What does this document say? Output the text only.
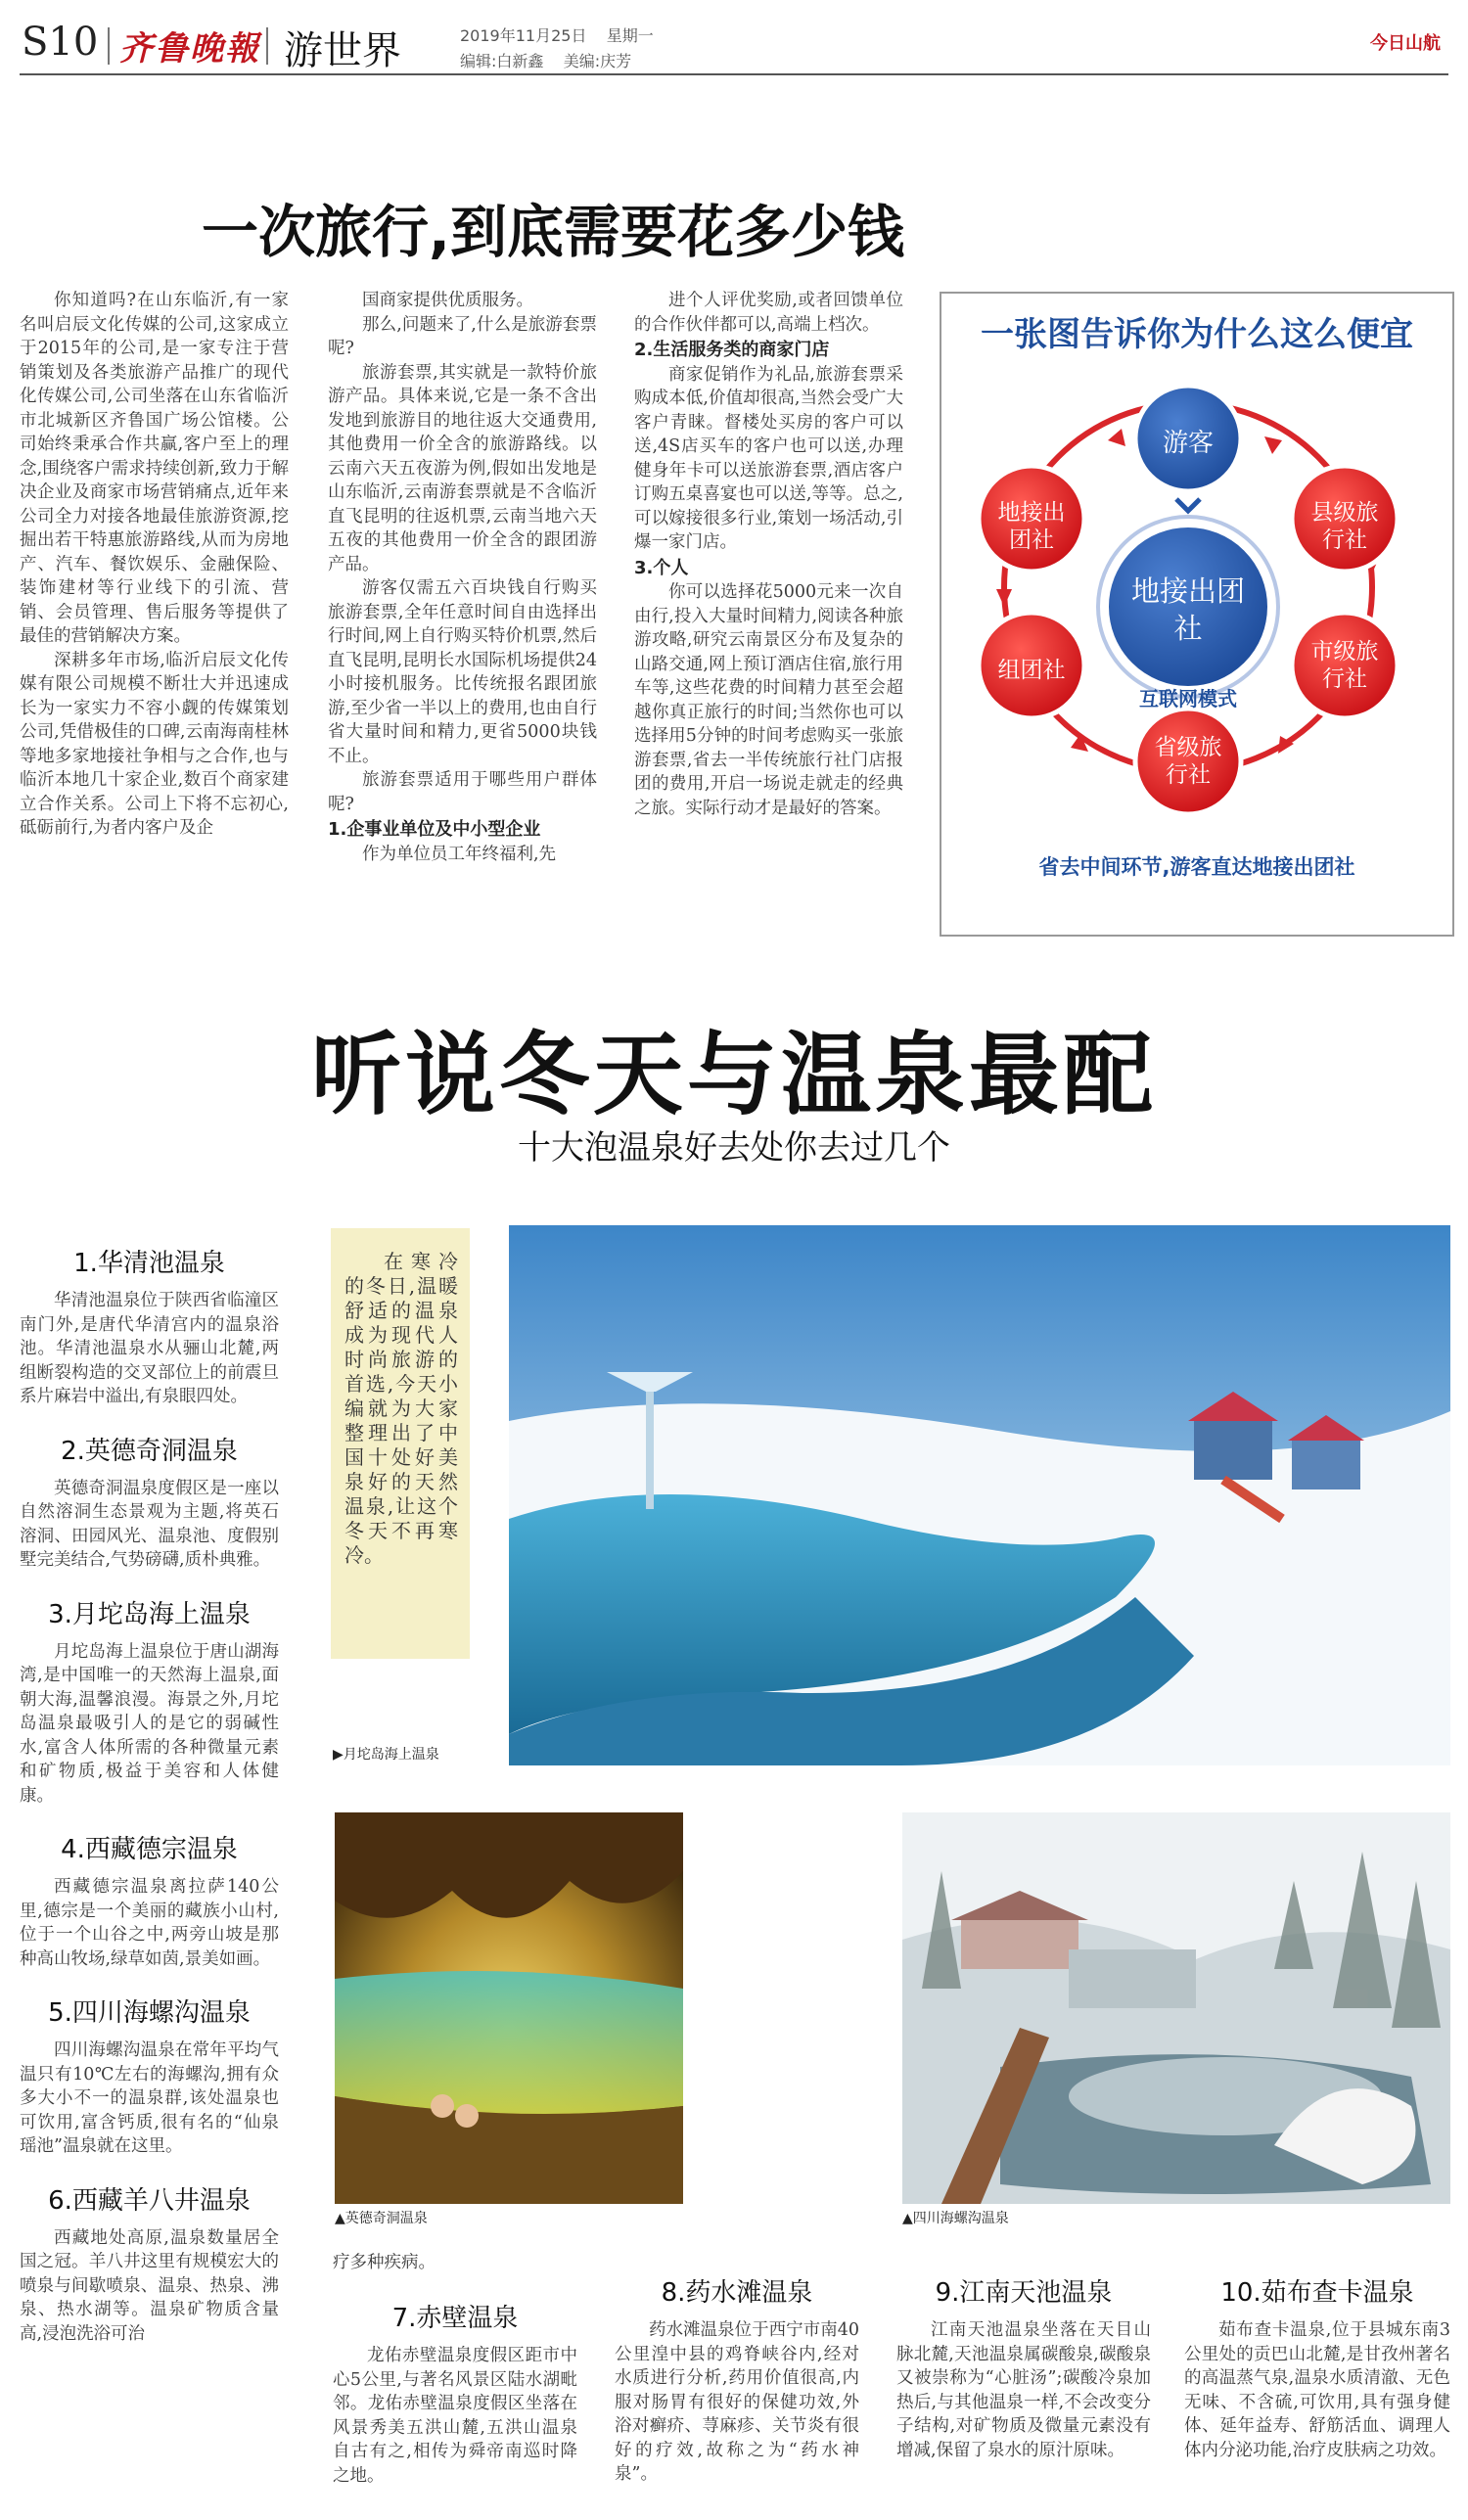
S10 齐鲁晚報 游世界	2019年11月25日 星期一
编辑:白新鑫 美编:庆芳
今日山航
一次旅行,到底需要花多少钱

你知道吗?在山东临沂,有一家名叫启辰文化传媒的公司,这家成立于2015年的公司,是一家专注于营销策划及各类旅游产品推广的现代化传媒公司,公司坐落在山东省临沂市北城新区齐鲁国广场公馆楼。公司始终秉承合作共赢,客户至上的理念,围绕客户需求持续创新,致力于解决企业及商家市场营销痛点,近年来公司全力对接各地最佳旅游资源,挖掘出若干特惠旅游路线,从而为房地产、汽车、餐饮娱乐、金融保险、装饰建材等行业线下的引流、营销、会员管理、售后服务等提供了最佳的营销解决方案。

深耕多年市场,临沂启辰文化传媒有限公司规模不断壮大并迅速成长为一家实力不容小觑的传媒策划公司,凭借极佳的口碑,云南海南桂林等地多家地接社争相与之合作,也与临沂本地几十家企业,数百个商家建立合作关系。公司上下将不忘初心,砥砺前行,为者内客户及企

国商家提供优质服务。

那么,问题来了,什么是旅游套票呢?

旅游套票,其实就是一款特价旅游产品。具体来说,它是一条不含出发地到旅游目的地往返大交通费用,其他费用一价全含的旅游路线。以云南六天五夜游为例,假如出发地是山东临沂,云南游套票就是不含临沂直飞昆明的往返机票,云南当地六天五夜的其他费用一价全含的跟团游产品。

游客仅需五六百块钱自行购买旅游套票,全年任意时间自由选择出行时间,网上自行购买特价机票,然后直飞昆明,昆明长水国际机场提供24小时接机服务。比传统报名跟团旅游,至少省一半以上的费用,也由自行省大量时间和精力,更省5000块钱不止。

旅游套票适用于哪些用户群体呢?

1.企事业单位及中小型企业

作为单位员工年终福利,先

进个人评优奖励,或者回馈单位的合作伙伴都可以,高端上档次。

2.生活服务类的商家门店

商家促销作为礼品,旅游套票采购成本低,价值却很高,当然会受广大客户青睐。督楼处买房的客户可以送,4S店买车的客户也可以送,办理健身年卡可以送旅游套票,酒店客户订购五桌喜宴也可以送,等等。总之,可以嫁接很多行业,策划一场活动,引爆一家门店。

3.个人

你可以选择花5000元来一次自由行,投入大量时间精力,阅读各种旅游攻略,研究云南景区分布及复杂的山路交通,网上预订酒店住宿,旅行用车等,这些花费的时间精力甚至会超越你真正旅行的时间;当然你也可以选择用5分钟的时间考虑购买一张旅游套票,省去一半传统旅行社门店报团的费用,开启一场说走就走的经典之旅。实际行动才是最好的答案。

一张图告诉你为什么这么便宜
游客
县级旅行社
市级旅行社
省级旅行社
组团社
地接出团社
地接出团社
互联网模式
省去中间环节,游客直达地接出团社
听说冬天与温泉最配
十大泡温泉好去处你去过几个
1.华清池温泉

华清池温泉位于陕西省临潼区南门外,是唐代华清宫内的温泉浴池。华清池温泉水从骊山北麓,两组断裂构造的交叉部位上的前震旦系片麻岩中溢出,有泉眼四处。

2.英德奇洞温泉

英德奇洞温泉度假区是一座以自然溶洞生态景观为主题,将英石溶洞、田园风光、温泉池、度假别墅完美结合,气势磅礴,质朴典雅。

3.月坨岛海上温泉

月坨岛海上温泉位于唐山湖海湾,是中国唯一的天然海上温泉,面朝大海,温馨浪漫。海景之外,月坨岛温泉最吸引人的是它的弱碱性水,富含人体所需的各种微量元素和矿物质,极益于美容和人体健康。

4.西藏德宗温泉

西藏德宗温泉离拉萨140公里,德宗是一个美丽的藏族小山村,位于一个山谷之中,两旁山坡是那种高山牧场,绿草如茵,景美如画。

5.四川海螺沟温泉

四川海螺沟温泉在常年平均气温只有10℃左右的海螺沟,拥有众多大小不一的温泉群,该处温泉也可饮用,富含钙质,很有名的“仙泉瑶池”温泉就在这里。

6.西藏羊八井温泉

西藏地处高原,温泉数量居全国之冠。羊八井这里有规模宏大的喷泉与间歇喷泉、温泉、热泉、沸泉、热水湖等。温泉矿物质含量高,浸泡洗浴可治

在寒冷的冬日,温暖舒适的温泉成为现代人时尚旅游的首选,今天小编就为大家整理出了中国十处好美泉好的天然温泉,让这个冬天不再寒冷。
▶月坨岛海上温泉
▲英德奇洞温泉	▲四川海螺沟温泉
疗多种疾病。
7.赤壁温泉

龙佑赤壁温泉度假区距市中心5公里,与著名风景区陆水湖毗邻。龙佑赤壁温泉度假区坐落在风景秀美五洪山麓,五洪山温泉自古有之,相传为舜帝南巡时降之地。

8.药水滩温泉

药水滩温泉位于西宁市南40公里湟中县的鸡脊峡谷内,经对水质进行分析,药用价值很高,内服对肠胃有很好的保健功效,外浴对癣疥、荨麻疹、关节炎有很好的疗效,故称之为“药水神泉”。

9.江南天池温泉

江南天池温泉坐落在天目山脉北麓,天池温泉属碳酸泉,碳酸泉又被崇称为“心脏汤”;碳酸冷泉加热后,与其他温泉一样,不会改变分子结构,对矿物质及微量元素没有增减,保留了泉水的原汁原味。

10.茹布查卡温泉

茹布查卡温泉,位于县城东南3公里处的贡巴山北麓,是甘孜州著名的高温蒸气泉,温泉水质清澈、无色无味、不含硫,可饮用,具有强身健体、延年益寿、舒筋活血、调理人体内分泌功能,治疗皮肤病之功效。
